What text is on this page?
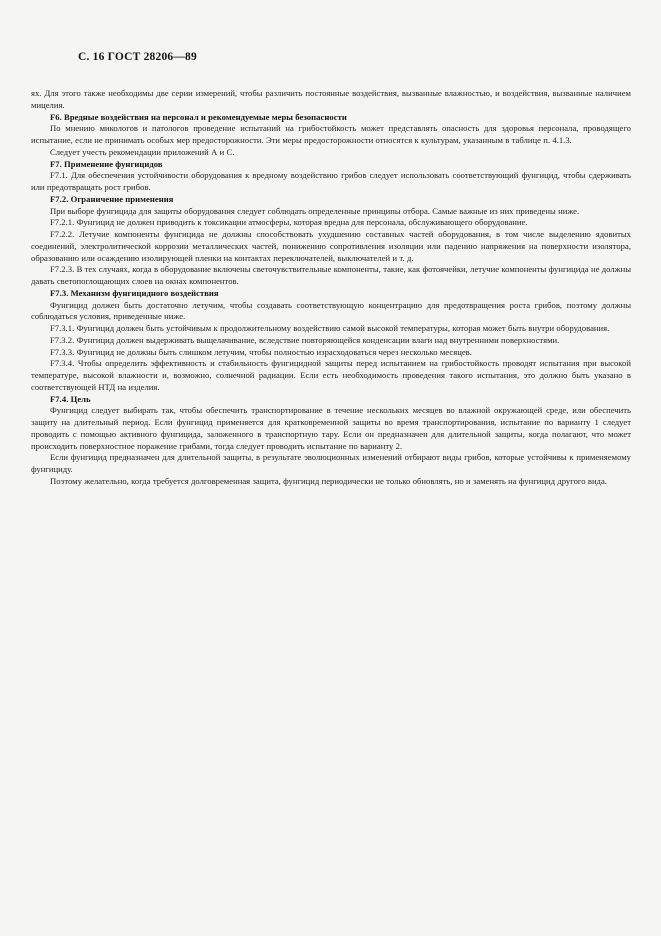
С. 16 ГОСТ 28206—89

ях. Для этого также необходимы две серии измерений, чтобы различить постоянные воздействия, вызванные влажностью, и воздействия, вызванные наличием мицелия.

F6. Вредные воздействия на персонал и рекомендуемые меры безопасности

По мнению микологов и патологов проведение испытаний на грибостойкость может представлять опасность для здоровья персонала, проводящего испытание, если не принимать особых мер предосторожности. Эти меры предосторожности относятся к культурам, указанным в таблице п. 4.1.3.

Следует учесть рекомендации приложений А и С.

F7. Применение фунгицидов

F7.1. Для обеспечения устойчивости оборудования к вредному воздействию грибов следует использовать соответствующий фунгицид, чтобы сдерживать или предотвращать рост грибов.

F7.2. Ограничение применения

При выборе фунгицида для защиты оборудования следует соблюдать определенные принципы отбора. Самые важные из них приведены ниже.

F7.2.1. Фунгицид не должен приводить к токсикации атмосферы, которая вредна для персонала, обслуживающего оборудование.

F7.2.2. Летучие компоненты фунгицида не должны способствовать ухудшению составных частей оборудования, в том числе выделению ядовитых соединений, электролитической коррозии металлических частей, понижению сопротивления изоляции или падению напряжения на поверхности изолятора, образованию или осаждению изолирующей пленки на контактах переключателей, выключателей и т. д.

F7.2.3. В тех случаях, когда в оборудование включены светочувствительные компоненты, такие, как фотоячейки, летучие компоненты фунгицида не должны давать светопоглощающих слоев на окнах компонентов.

F7.3. Механизм фунгицидного воздействия

Фунгицид должен быть достаточно летучим, чтобы создавать соответствующую концентрацию для предотвращения роста грибов, поэтому должны соблюдаться условия, приведенные ниже.

F7.3.1. Фунгицид должен быть устойчивым к продолжительному воздействию самой высокой температуры, которая может быть внутри оборудования.

F7.3.2. Фунгицид должен выдерживать выщелачивание, вследствие повторяющейся конденсации влаги над внутренними поверхностями.

F7.3.3. Фунгицид не должны быть слишком летучим, чтобы полностью израсходоваться через несколько месяцев.

F7.3.4. Чтобы определить эффективность и стабильность фунгицидной защиты перед испытанием на грибостойкость проводят испытания при высокой температуре, высокой влажности и, возможно, солнечной радиации. Если есть необходимость проведения такого испытания, это должно быть указано в соответствующей НТД на изделия.

F7.4. Цель

Фунгицид следует выбирать так, чтобы обеспечить транспортирование в течение нескольких месяцев во влажной окружающей среде, или обеспечить защиту на длительный период. Если фунгицид применяется для кратковременной защиты во время транспортирования, испытание по варианту 1 следует проводить с помощью активного фунгицида, заложенного в транспортную тару. Если он предназначен для длительной защиты, когда полагают, что может происходить поверхностное поражение грибами, тогда следует проводить испытание по варианту 2.

Если фунгицид предназначен для длительной защиты, в результате эволюционных изменений отбирают виды грибов, которые устойчивы к применяемому фунгициду.

Поэтому желательно, когда требуется долговременная защита, фунгицид периодически не только обновлять, но и заменять на фунгицид другого вида.
